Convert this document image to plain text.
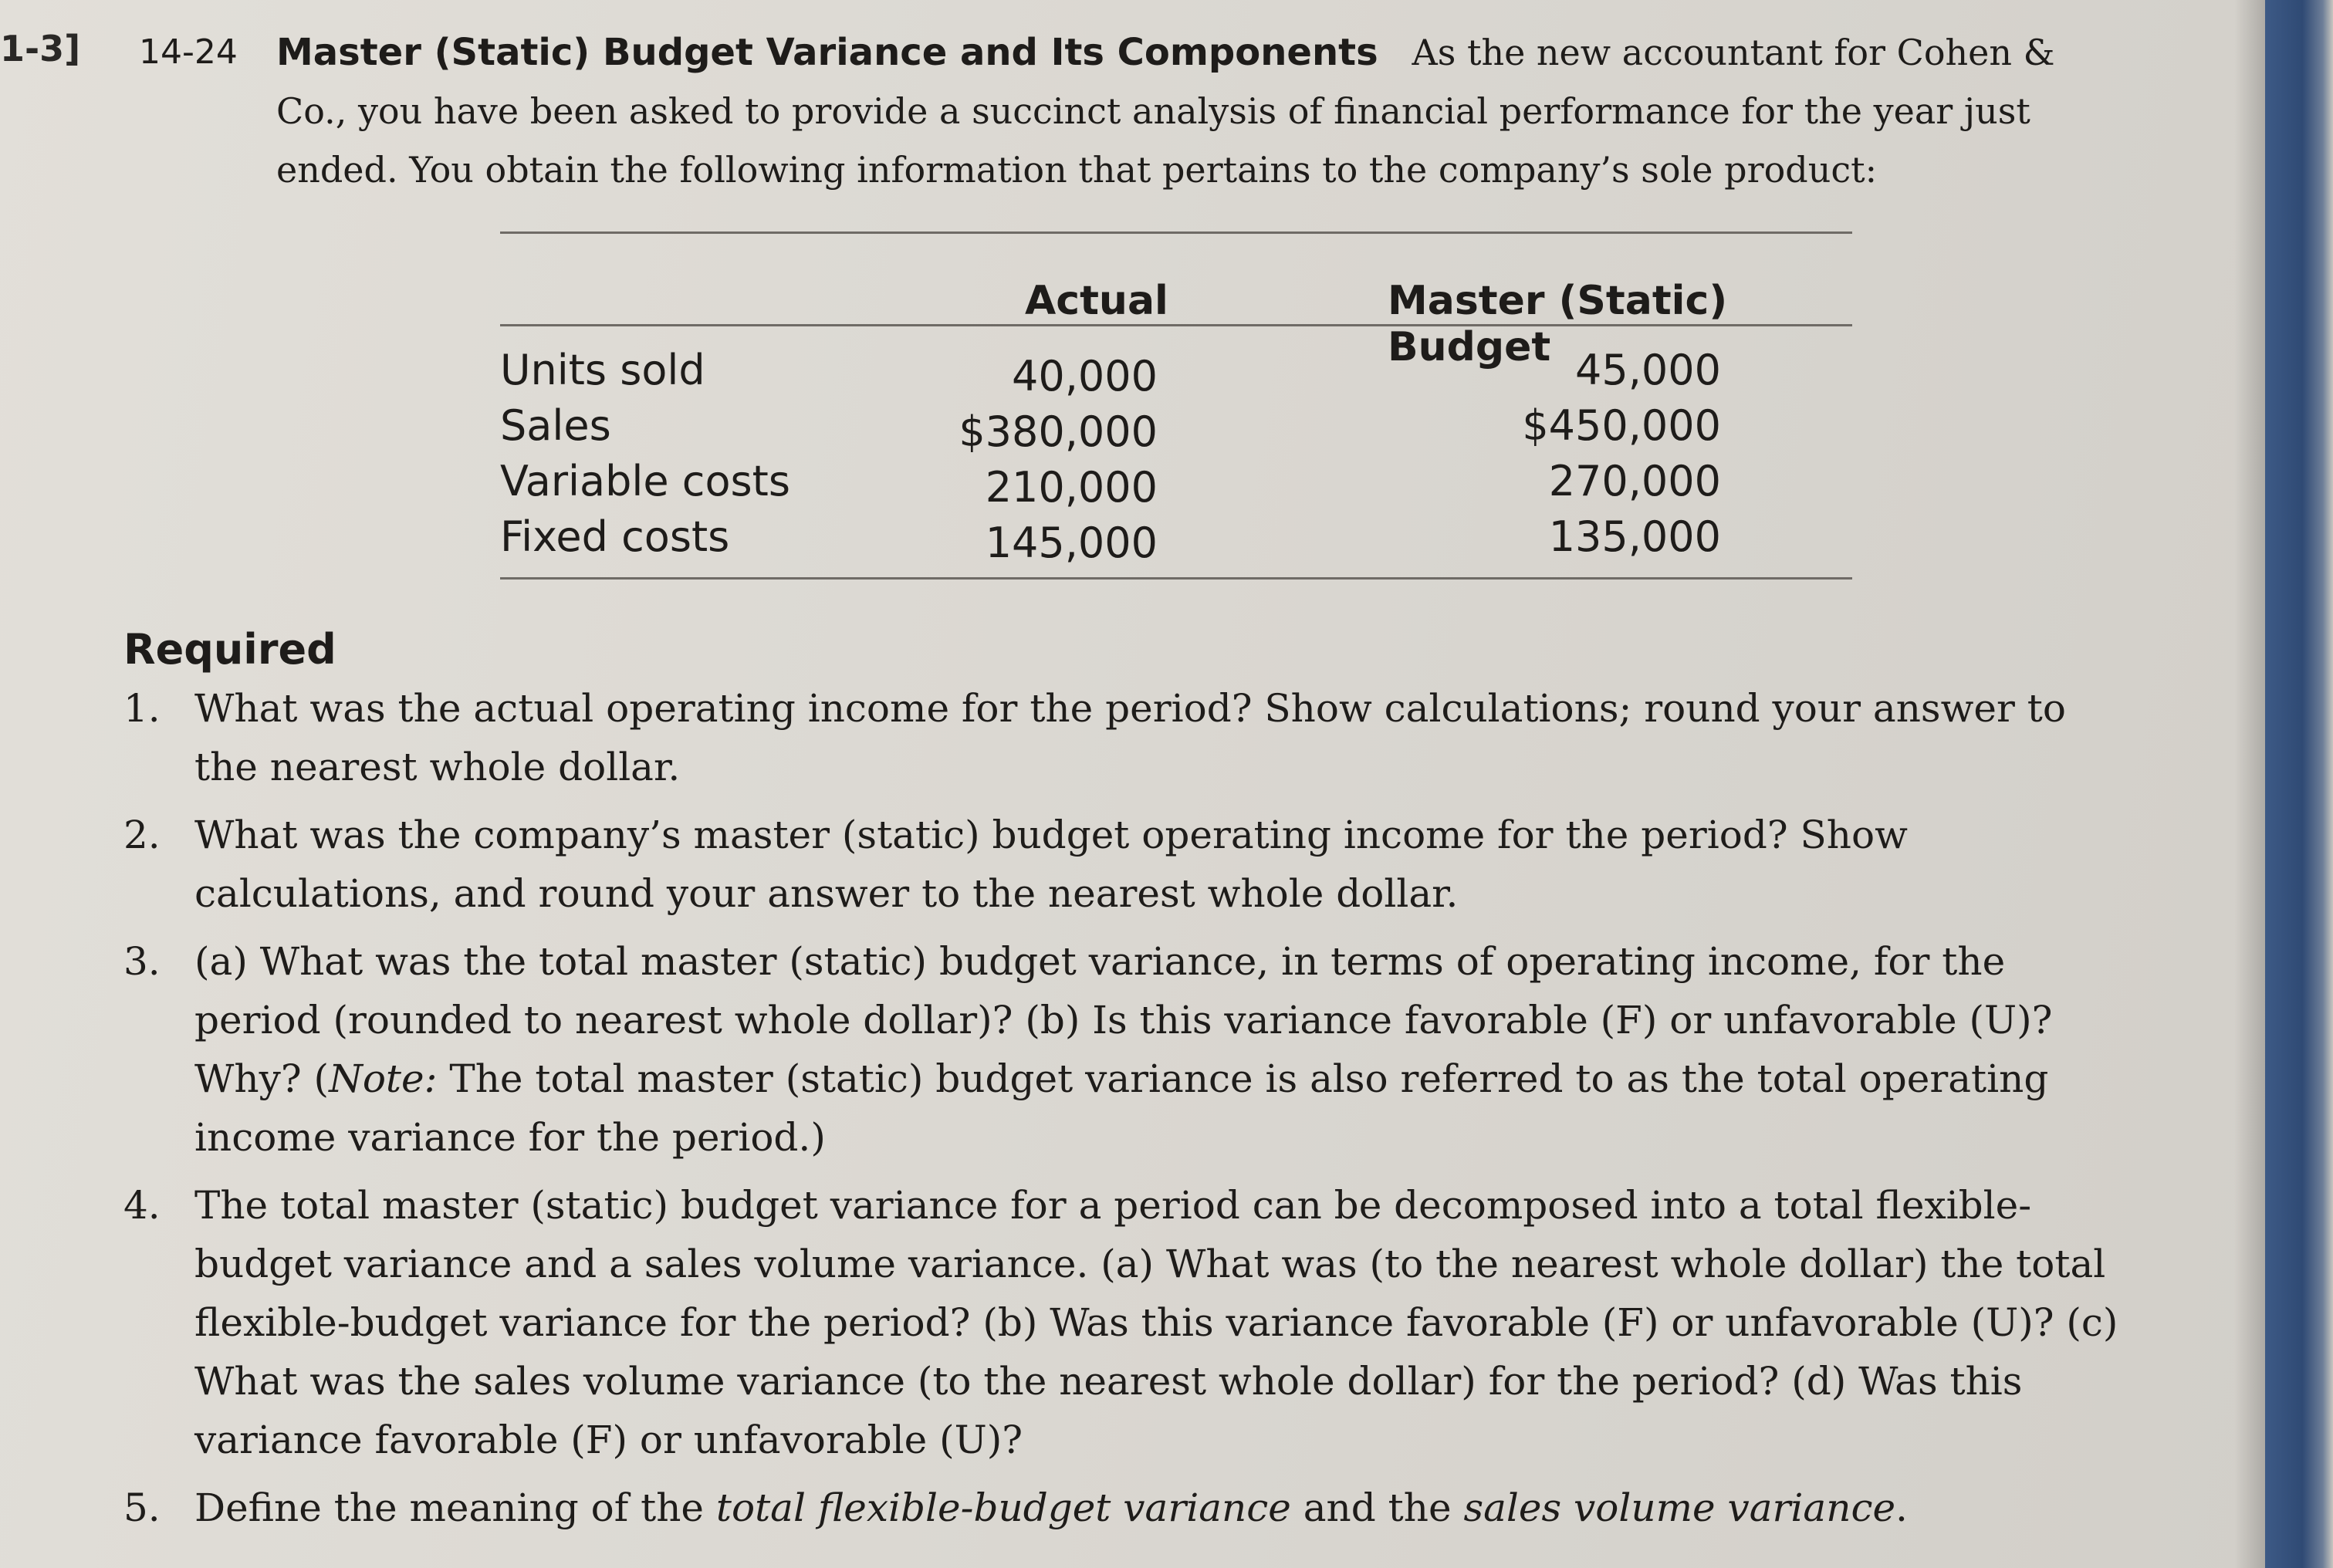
1-3] 14-24	Master (Static) Budget Variance and Its Components As the new accountant for Cohen & Co., you have been asked to provide a succinct analysis of financial performance for the year just ended. You obtain the following information that pertains to the company’s sole product:
Actual	Master (Static) Budget
Units sold	40,000	45,000
Sales	$380,000	$450,000
Variable costs	210,000	270,000
Fixed costs	145,000	135,000
Required
1. What was the actual operating income for the period? Show calculations; round your answer to the nearest whole dollar.
2. What was the company’s master (static) budget operating income for the period? Show calculations, and round your answer to the nearest whole dollar.
3. (a) What was the total master (static) budget variance, in terms of operating income, for the period (rounded to nearest whole dollar)? (b) Is this variance favorable (F) or unfavorable (U)? Why? (Note: The total master (static) budget variance is also referred to as the total operating income variance for the period.)
4. The total master (static) budget variance for a period can be decomposed into a total flexible-budget variance and a sales volume variance. (a) What was (to the nearest whole dollar) the total flexible-budget variance for the period? (b) Was this variance favorable (F) or unfavorable (U)? (c) What was the sales volume variance (to the nearest whole dollar) for the period? (d) Was this variance favorable (F) or unfavorable (U)?
5. Define the meaning of the total flexible-budget variance and the sales volume variance.
